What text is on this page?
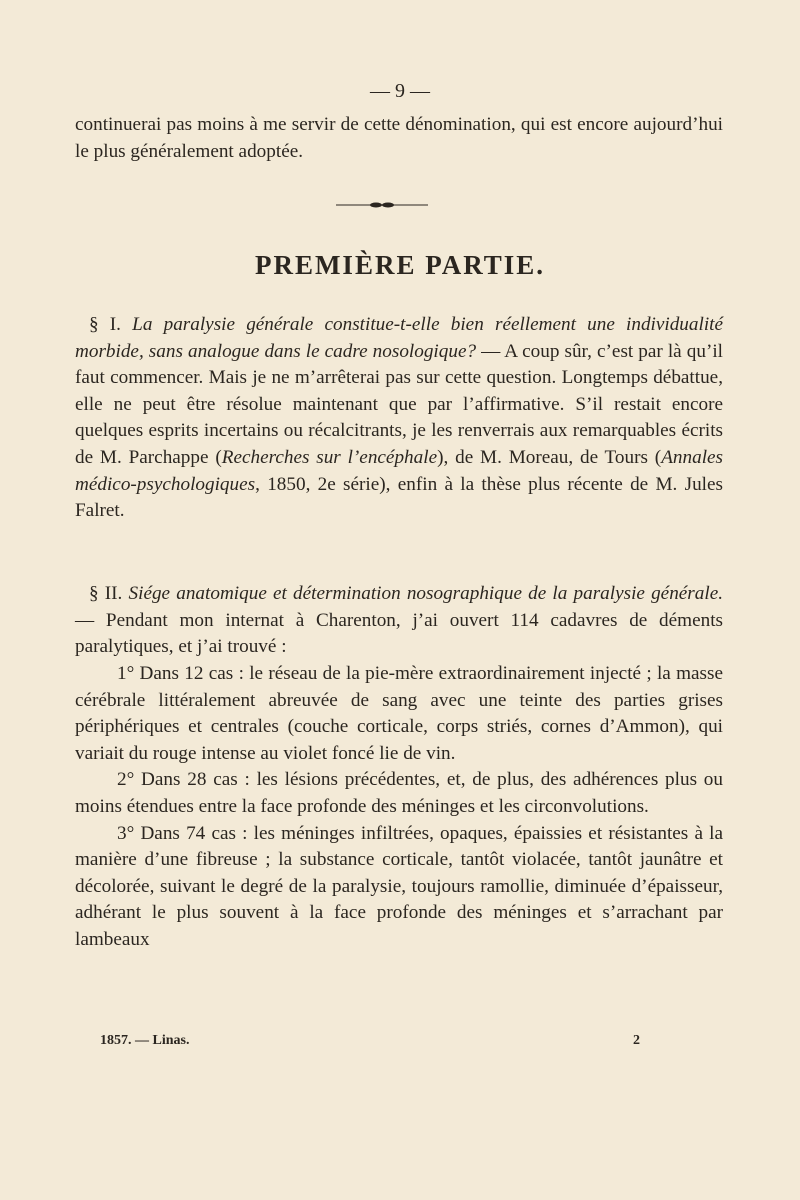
— 9 —

continuerai pas moins à me servir de cette dénomination, qui est encore aujourd’hui le plus généralement adoptée.

PREMIÈRE PARTIE.

§ I. La paralysie générale constitue-t-elle bien réellement une individualité morbide, sans analogue dans le cadre nosologique? — A coup sûr, c’est par là qu’il faut commencer. Mais je ne m’arrêterai pas sur cette question. Longtemps débattue, elle ne peut être résolue maintenant que par l’affirmative. S’il restait encore quelques esprits incertains ou récalcitrants, je les renverrais aux remarquables écrits de M. Parchappe (Recherches sur l’encéphale), de M. Moreau, de Tours (Annales médico-psychologiques, 1850, 2e série), enfin à la thèse plus récente de M. Jules Falret.

§ II. Siége anatomique et détermination nosographique de la paralysie générale. — Pendant mon internat à Charenton, j’ai ouvert 114 cadavres de déments paralytiques, et j’ai trouvé :

1° Dans 12 cas : le réseau de la pie-mère extraordinairement injecté ; la masse cérébrale littéralement abreuvée de sang avec une teinte des parties grises périphériques et centrales (couche corticale, corps striés, cornes d’Ammon), qui variait du rouge intense au violet foncé lie de vin.

2° Dans 28 cas : les lésions précédentes, et, de plus, des adhérences plus ou moins étendues entre la face profonde des méninges et les circonvolutions.

3° Dans 74 cas : les méninges infiltrées, opaques, épaissies et résistantes à la manière d’une fibreuse ; la substance corticale, tantôt violacée, tantôt jaunâtre et décolorée, suivant le degré de la paralysie, toujours ramollie, diminuée d’épaisseur, adhérant le plus souvent à la face profonde des méninges et s’arrachant par lambeaux

1857. — Linas.	2
